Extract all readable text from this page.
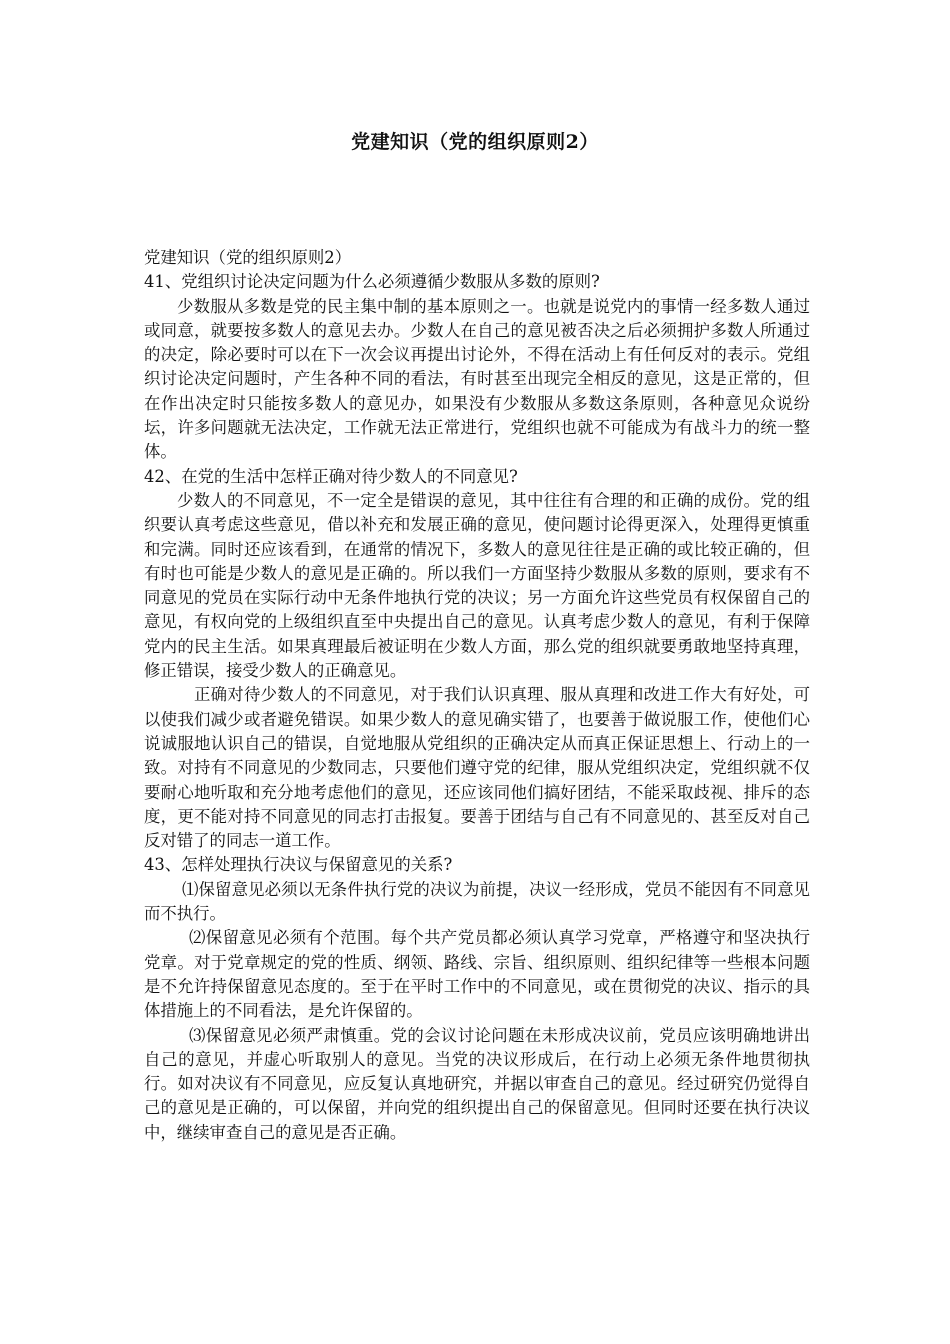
党建知识（党的组织原则2）

党建知识（党的组织原则2）

41、党组织讨论决定问题为什么必须遵循少数服从多数的原则?

少数服从多数是党的民主集中制的基本原则之一。也就是说党内的事情一经多数人通过或同意，就要按多数人的意见去办。少数人在自己的意见被否决之后必须拥护多数人所通过的决定，除必要时可以在下一次会议再提出讨论外，不得在活动上有任何反对的表示。党组织讨论决定问题时，产生各种不同的看法，有时甚至出现完全相反的意见，这是正常的，但在作出决定时只能按多数人的意见办，如果没有少数服从多数这条原则，各种意见众说纷坛，许多问题就无法决定，工作就无法正常进行，党组织也就不可能成为有战斗力的统一整体。

42、在党的生活中怎样正确对待少数人的不同意见?

少数人的不同意见，不一定全是错误的意见，其中往往有合理的和正确的成份。党的组织要认真考虑这些意见，借以补充和发展正确的意见，使问题讨论得更深入，处理得更慎重和完满。同时还应该看到，在通常的情况下，多数人的意见往往是正确的或比较正确的，但有时也可能是少数人的意见是正确的。所以我们一方面坚持少数服从多数的原则，要求有不同意见的党员在实际行动中无条件地执行党的决议；另一方面允许这些党员有权保留自己的意见，有权向党的上级组织直至中央提出自己的意见。认真考虑少数人的意见，有利于保障党内的民主生活。如果真理最后被证明在少数人方面，那么党的组织就要勇敢地坚持真理，修正错误，接受少数人的正确意见。

正确对待少数人的不同意见，对于我们认识真理、服从真理和改进工作大有好处，可以使我们减少或者避免错误。如果少数人的意见确实错了，也要善于做说服工作，使他们心说诚服地认识自己的错误，自觉地服从党组织的正确决定从而真正保证思想上、行动上的一致。对持有不同意见的少数同志，只要他们遵守党的纪律，服从党组织决定，党组织就不仅要耐心地听取和充分地考虑他们的意见，还应该同他们搞好团结，不能采取歧视、排斥的态度，更不能对持不同意见的同志打击报复。要善于团结与自己有不同意见的、甚至反对自己反对错了的同志一道工作。

43、怎样处理执行决议与保留意见的关系?

⑴保留意见必须以无条件执行党的决议为前提，决议一经形成，党员不能因有不同意见而不执行。

⑵保留意见必须有个范围。每个共产党员都必须认真学习党章，严格遵守和坚决执行党章。对于党章规定的党的性质、纲领、路线、宗旨、组织原则、组织纪律等一些根本问题是不允许持保留意见态度的。至于在平时工作中的不同意见，或在贯彻党的决议、指示的具体措施上的不同看法，是允许保留的。

⑶保留意见必须严肃慎重。党的会议讨论问题在未形成决议前，党员应该明确地讲出自己的意见，并虚心听取别人的意见。当党的决议形成后，在行动上必须无条件地贯彻执行。如对决议有不同意见，应反复认真地研究，并据以审查自己的意见。经过研究仍觉得自己的意见是正确的，可以保留，并向党的组织提出自己的保留意见。但同时还要在执行决议中，继续审查自己的意见是否正确。
